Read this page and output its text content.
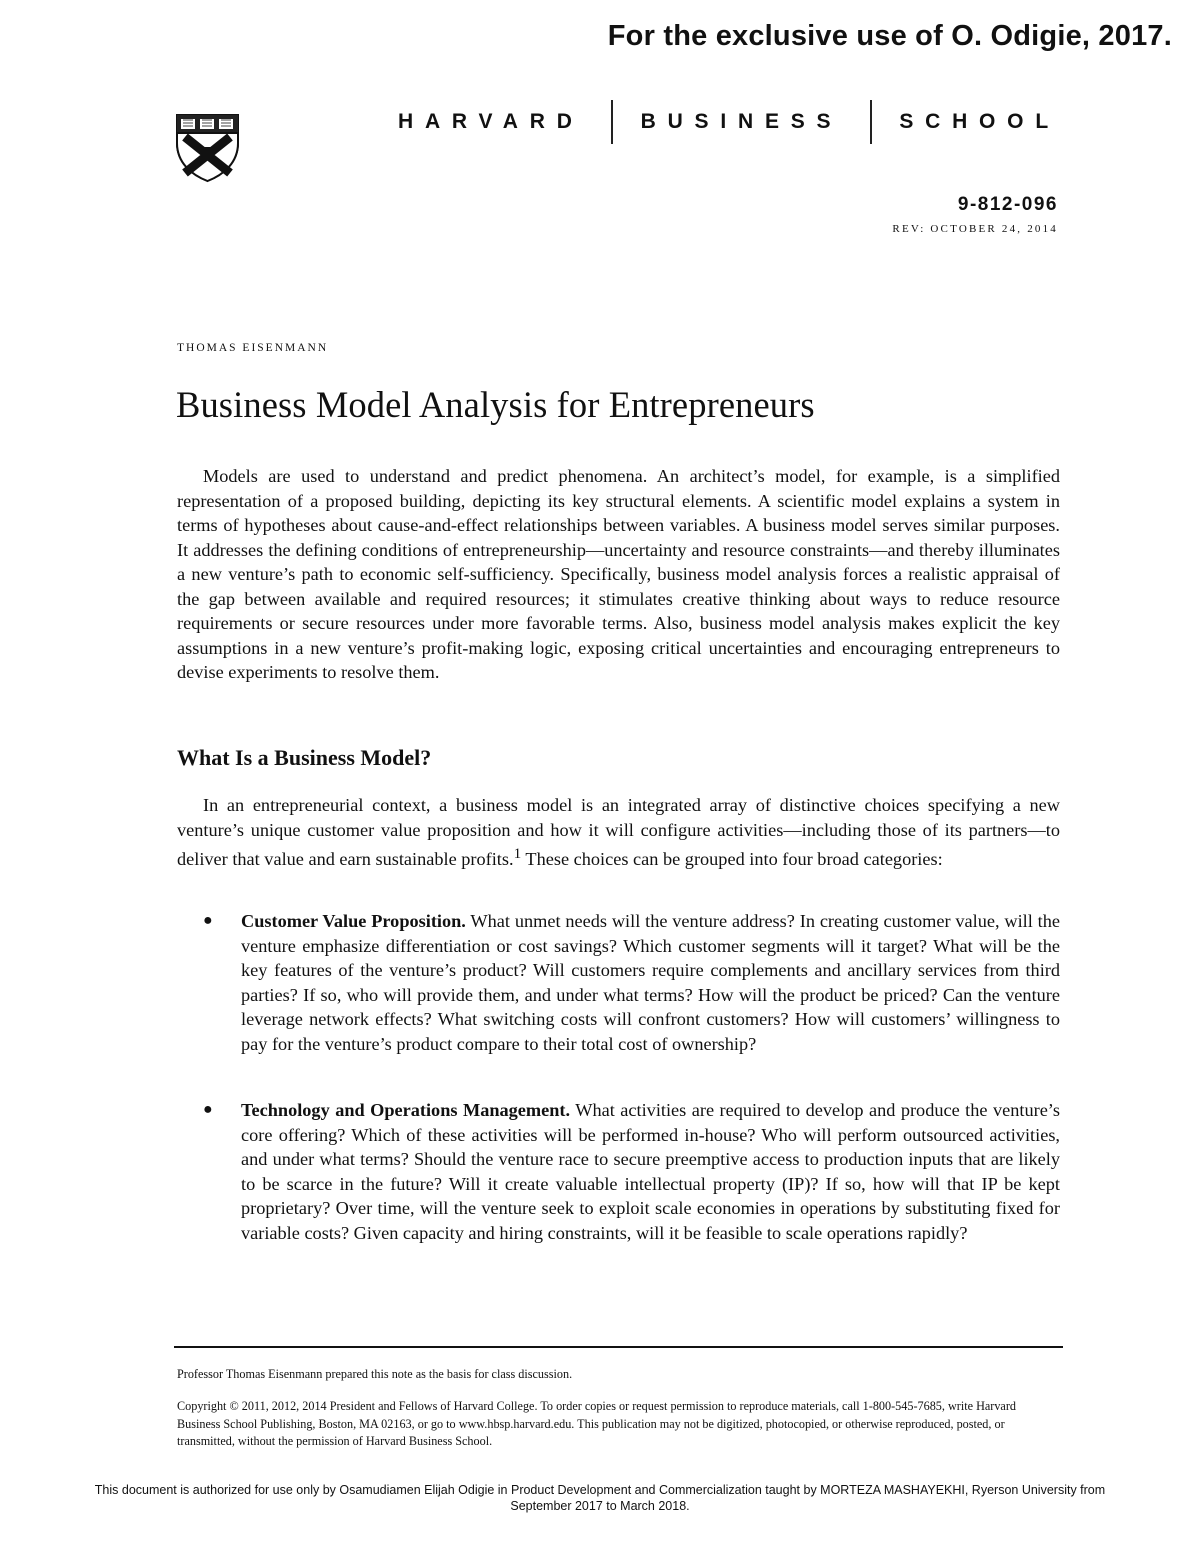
For the exclusive use of O. Odigie, 2017.
HARVARD	BUSINESS	SCHOOL
9-812-096
REV: OCTOBER 24, 2014
THOMAS EISENMANN
Business Model Analysis for Entrepreneurs

Models are used to understand and predict phenomena. An architect’s model, for example, is a simplified representation of a proposed building, depicting its key structural elements. A scientific model explains a system in terms of hypotheses about cause-and-effect relationships between variables. A business model serves similar purposes. It addresses the defining conditions of entrepreneurship—uncertainty and resource constraints—and thereby illuminates a new venture’s path to economic self-sufficiency. Specifically, business model analysis forces a realistic appraisal of the gap between available and required resources; it stimulates creative thinking about ways to reduce resource requirements or secure resources under more favorable terms. Also, business model analysis makes explicit the key assumptions in a new venture’s profit-making logic, exposing critical uncertainties and encouraging entrepreneurs to devise experiments to resolve them.

What Is a Business Model?

In an entrepreneurial context, a business model is an integrated array of distinctive choices specifying a new venture’s unique customer value proposition and how it will configure activities—including those of its partners—to deliver that value and earn sustainable profits.$^1$ These choices can be grouped into four broad categories:

● Customer Value Proposition. What unmet needs will the venture address? In creating customer value, will the venture emphasize differentiation or cost savings? Which customer segments will it target? What will be the key features of the venture’s product? Will customers require complements and ancillary services from third parties? If so, who will provide them, and under what terms? How will the product be priced? Can the venture leverage network effects? What switching costs will confront customers? How will customers’ willingness to pay for the venture’s product compare to their total cost of ownership?
● Technology and Operations Management. What activities are required to develop and produce the venture’s core offering? Which of these activities will be performed in-house? Who will perform outsourced activities, and under what terms? Should the venture race to secure preemptive access to production inputs that are likely to be scarce in the future? Will it create valuable intellectual property (IP)? If so, how will that IP be kept proprietary? Over time, will the venture seek to exploit scale economies in operations by substituting fixed for variable costs? Given capacity and hiring constraints, will it be feasible to scale operations rapidly?

Professor Thomas Eisenmann prepared this note as the basis for class discussion.

Copyright © 2011, 2012, 2014 President and Fellows of Harvard College. To order copies or request permission to reproduce materials, call 1-800-545-7685, write Harvard Business School Publishing, Boston, MA 02163, or go to www.hbsp.harvard.edu. This publication may not be digitized, photocopied, or otherwise reproduced, posted, or transmitted, without the permission of Harvard Business School.

This document is authorized for use only by Osamudiamen Elijah Odigie in Product Development and Commercialization taught by MORTEZA MASHAYEKHI, Ryerson University from
September 2017 to March 2018.
